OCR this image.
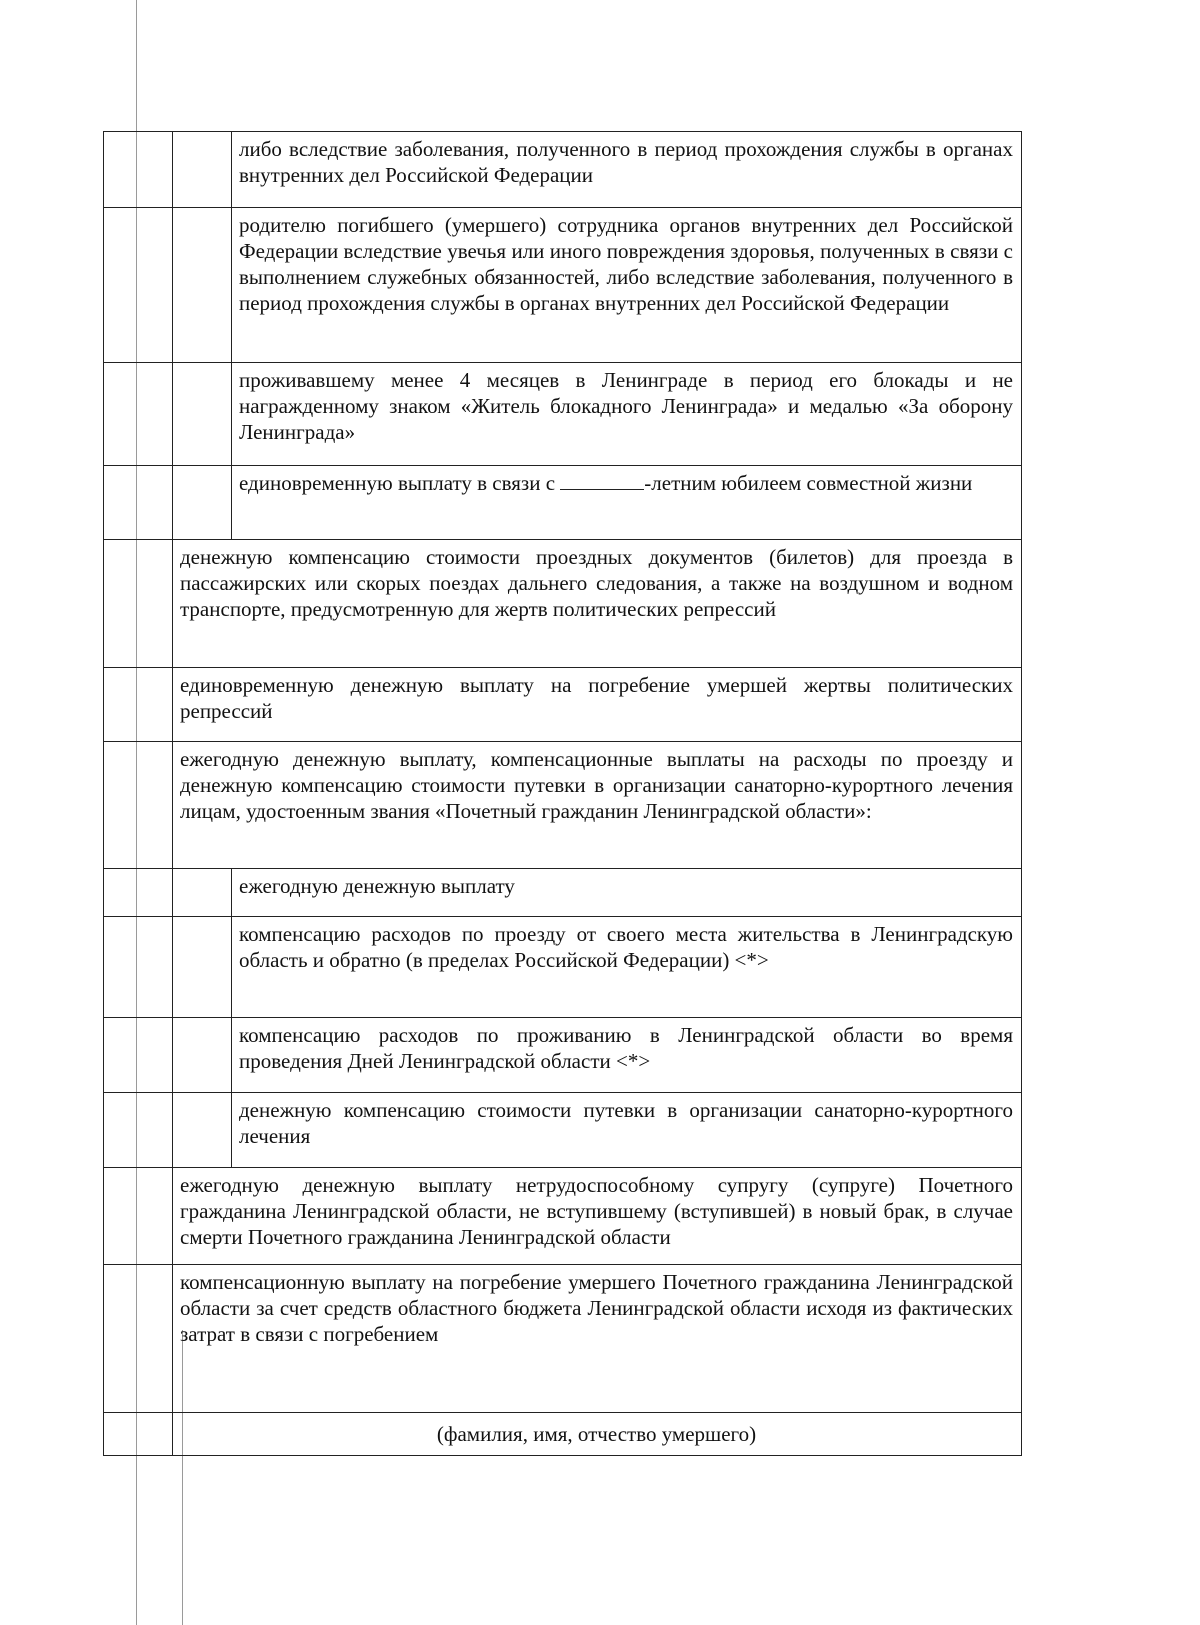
		либо вследствие заболевания, полученного в период прохождения службы в органах внутренних дел Российской Федерации
		родителю погибшего (умершего) сотрудника органов внутренних дел Российской Федерации вследствие увечья или иного повреждения здоровья, полученных в связи с выполнением служебных обязанностей, либо вследствие заболевания, полученного в период прохождения службы в органах внутренних дел Российской Федерации
		проживавшему менее 4 месяцев в Ленинграде в период его блокады и не награжденному знаком «Житель блокадного Ленинграда» и медалью «За оборону Ленинграда»
		единовременную выплату в связи с -летним юбилеем совместной жизни
	денежную компенсацию стоимости проездных документов (билетов) для проезда в пассажирских или скорых поездах дальнего следования, а также на воздушном и водном транспорте, предусмотренную для жертв политических репрессий	
	единовременную денежную выплату на погребение умершей жертвы политических репрессий	
	ежегодную денежную выплату, компенсационные выплаты на расходы по проезду и денежную компенсацию стоимости путевки в организации санаторно-курортного лечения лицам, удостоенным звания «Почетный гражданин Ленинградской области»:	
		ежегодную денежную выплату
		компенсацию расходов по проезду от своего места жительства в Ленинградскую область и обратно (в пределах Российской Федерации) <*>
		компенсацию расходов по проживанию в Ленинградской области во время проведения Дней Ленинградской области <*>
		денежную компенсацию стоимости путевки в организации санаторно-курортного лечения
	ежегодную денежную выплату нетрудоспособному супругу (супруге) Почетного гражданина Ленинградской области, не вступившему (вступившей) в новый брак, в случае смерти Почетного гражданина Ленинградской области	
	компенсационную выплату на погребение умершего Почетного гражданина Ленинградской области за счет средств областного бюджета Ленинградской области исходя из фактических затрат в связи с погребением	
	(фамилия, имя, отчество умершего)	
